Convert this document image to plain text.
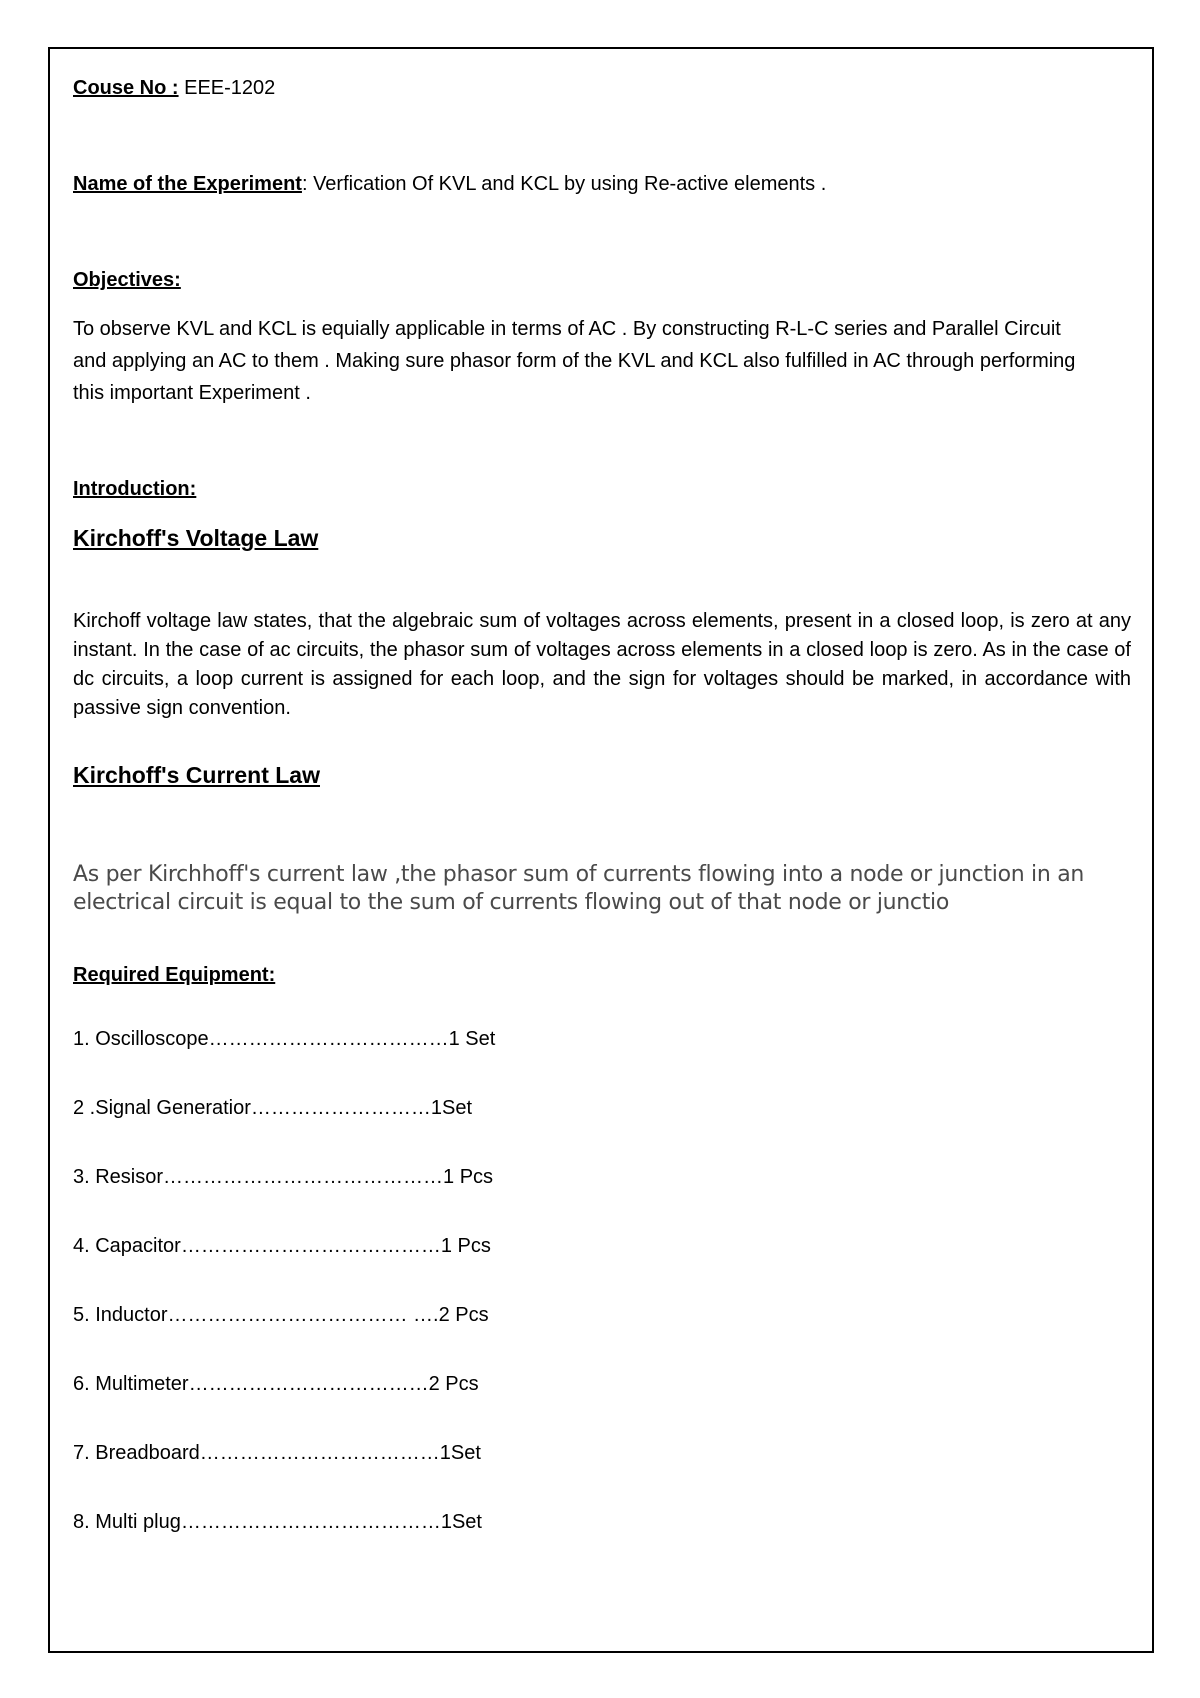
Couse No : EEE-1202

Name of the Experiment: Verfication Of KVL and KCL by using Re-active elements .

Objectives:

To observe KVL and KCL is equially applicable in terms of AC . By constructing R-L-C series and Parallel Circuit and applying an AC to them . Making sure phasor form of the KVL and KCL also fulfilled in AC through performing this important Experiment .

Introduction:

Kirchoff's Voltage Law

Kirchoff voltage law states, that the algebraic sum of voltages across elements, present in a closed loop, is zero at any instant. In the case of ac circuits, the phasor sum of voltages across elements in a closed loop is zero. As in the case of dc circuits, a loop current is assigned for each loop, and the sign for voltages should be marked, in accordance with passive sign convention.

Kirchoff's Current Law

As per Kirchhoff's current law ,the phasor sum of currents flowing into a node or junction in an electrical circuit is equal to the sum of currents flowing out of that node or junctio

Required Equipment:

1. Oscilloscope………………………………1 Set
2 .Signal Generatior………………………1Set
3. Resisor……………………………………1 Pcs
4. Capacitor…………………………………1 Pcs
5. Inductor……………………………… ….2 Pcs
6. Multimeter………………………………2 Pcs
7. Breadboard………………………………1Set
8. Multi plug…………………………………1Set
